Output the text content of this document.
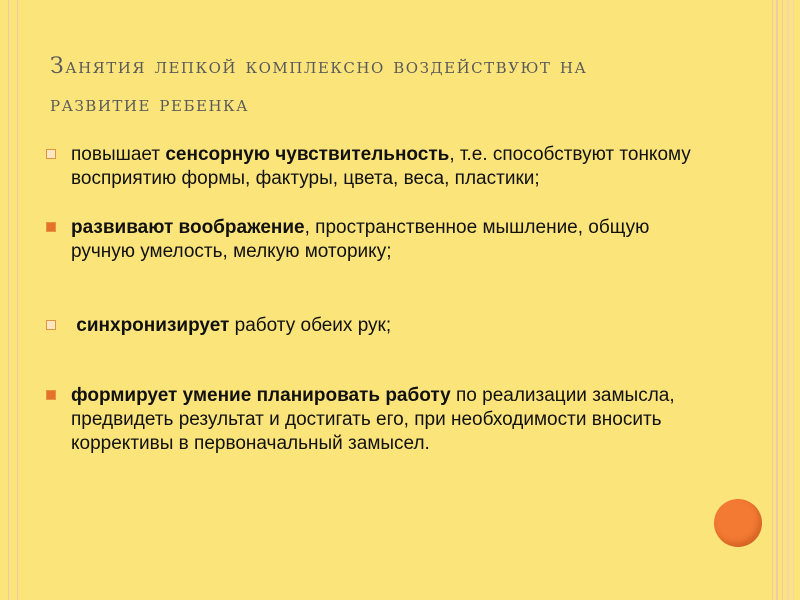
Занятия лепкой комплексно воздействуют на
развитие ребенка
повышает сенсорную чувствительность, т.е. способствуют тонкому восприятию формы, фактуры, цвета, веса, пластики;
развивают воображение, пространственное мышление, общую ручную умелость, мелкую моторику;
синхронизирует работу обеих рук;
формирует умение планировать работу по реализации замысла, предвидеть результат и достигать его, при необходимости вносить коррективы в первоначальный замысел.
